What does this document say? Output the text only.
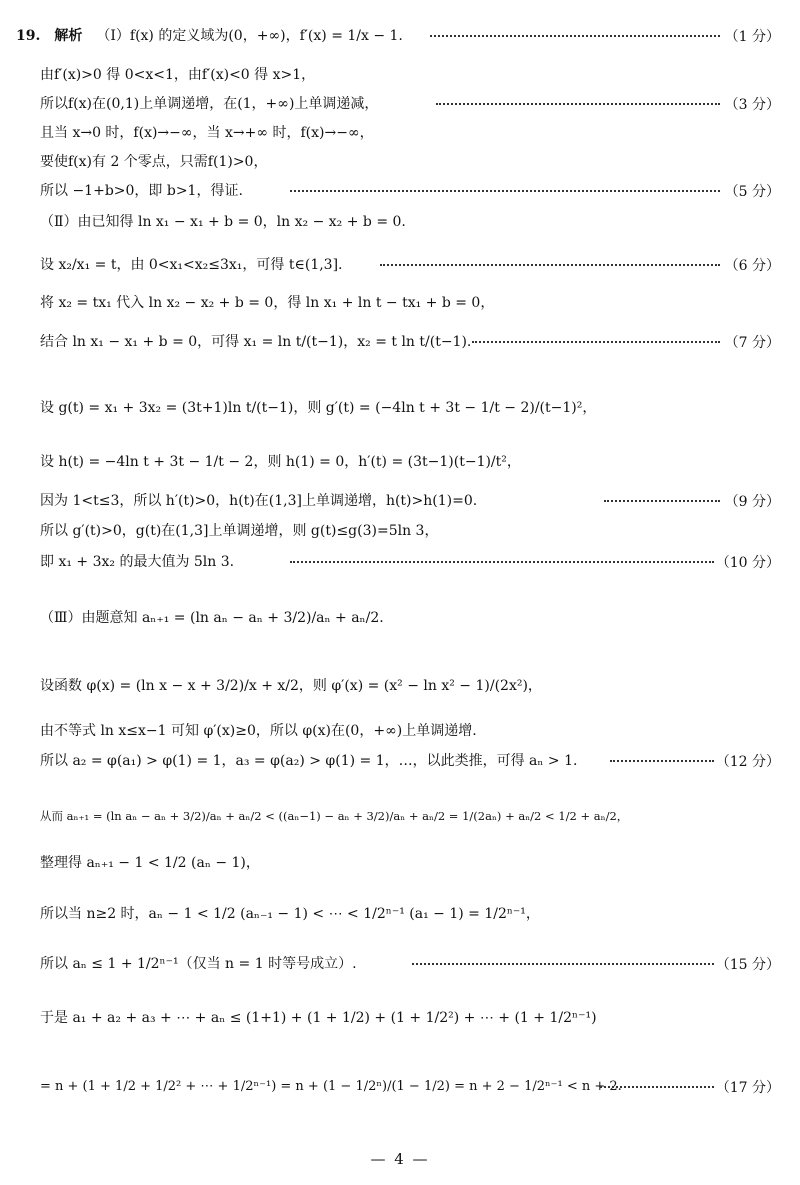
19. 解析 （Ⅰ）f(x) 的定义域为(0，+∞)，f′(x) = 1/x − 1.	（1 分）
由f′(x)>0 得 0<x<1，由f′(x)<0 得 x>1，
所以f(x)在(0,1)上单调递增，在(1，+∞)上单调递减，	（3 分）
且当 x→0 时，f(x)→−∞，当 x→+∞ 时，f(x)→−∞，
要使f(x)有 2 个零点，只需f(1)>0，
所以 −1+b>0，即 b>1，得证.	（5 分）
（Ⅱ）由已知得 ln x₁ − x₁ + b = 0，ln x₂ − x₂ + b = 0.
设 x₂/x₁ = t，由 0<x₁<x₂≤3x₁，可得 t∈(1,3].	（6 分）
将 x₂ = tx₁ 代入 ln x₂ − x₂ + b = 0，得 ln x₁ + ln t − tx₁ + b = 0，
结合 ln x₁ − x₁ + b = 0，可得 x₁ = ln t/(t−1)，x₂ = t ln t/(t−1).	（7 分）
设 g(t) = x₁ + 3x₂ = (3t+1)ln t/(t−1)，则 g′(t) = (−4ln t + 3t − 1/t − 2)/(t−1)²，
设 h(t) = −4ln t + 3t − 1/t − 2，则 h(1) = 0，h′(t) = (3t−1)(t−1)/t²，
因为 1<t≤3，所以 h′(t)>0，h(t)在(1,3]上单调递增，h(t)>h(1)=0.	（9 分）
所以 g′(t)>0，g(t)在(1,3]上单调递增，则 g(t)≤g(3)=5ln 3，
即 x₁ + 3x₂ 的最大值为 5ln 3.	（10 分）
（Ⅲ）由题意知 aₙ₊₁ = (ln aₙ − aₙ + 3/2)/aₙ + aₙ/2.
设函数 φ(x) = (ln x − x + 3/2)/x + x/2，则 φ′(x) = (x² − ln x² − 1)/(2x²)，
由不等式 ln x≤x−1 可知 φ′(x)≥0，所以 φ(x)在(0，+∞)上单调递增.
所以 a₂ = φ(a₁) > φ(1) = 1，a₃ = φ(a₂) > φ(1) = 1，…，以此类推，可得 aₙ > 1.	（12 分）
从而 aₙ₊₁ = (ln aₙ − aₙ + 3/2)/aₙ + aₙ/2 < ((aₙ−1) − aₙ + 3/2)/aₙ + aₙ/2 = 1/(2aₙ) + aₙ/2 < 1/2 + aₙ/2，
整理得 aₙ₊₁ − 1 < 1/2 (aₙ − 1)，
所以当 n≥2 时，aₙ − 1 < 1/2 (aₙ₋₁ − 1) < ⋯ < 1/2ⁿ⁻¹ (a₁ − 1) = 1/2ⁿ⁻¹，
所以 aₙ ≤ 1 + 1/2ⁿ⁻¹（仅当 n = 1 时等号成立）.	（15 分）
于是 a₁ + a₂ + a₃ + ⋯ + aₙ ≤ (1+1) + (1 + 1/2) + (1 + 1/2²) + ⋯ + (1 + 1/2ⁿ⁻¹)
= n + (1 + 1/2 + 1/2² + ⋯ + 1/2ⁿ⁻¹) = n + (1 − 1/2ⁿ)/(1 − 1/2) = n + 2 − 1/2ⁿ⁻¹ < n + 2.	（17 分）
— 4 —
